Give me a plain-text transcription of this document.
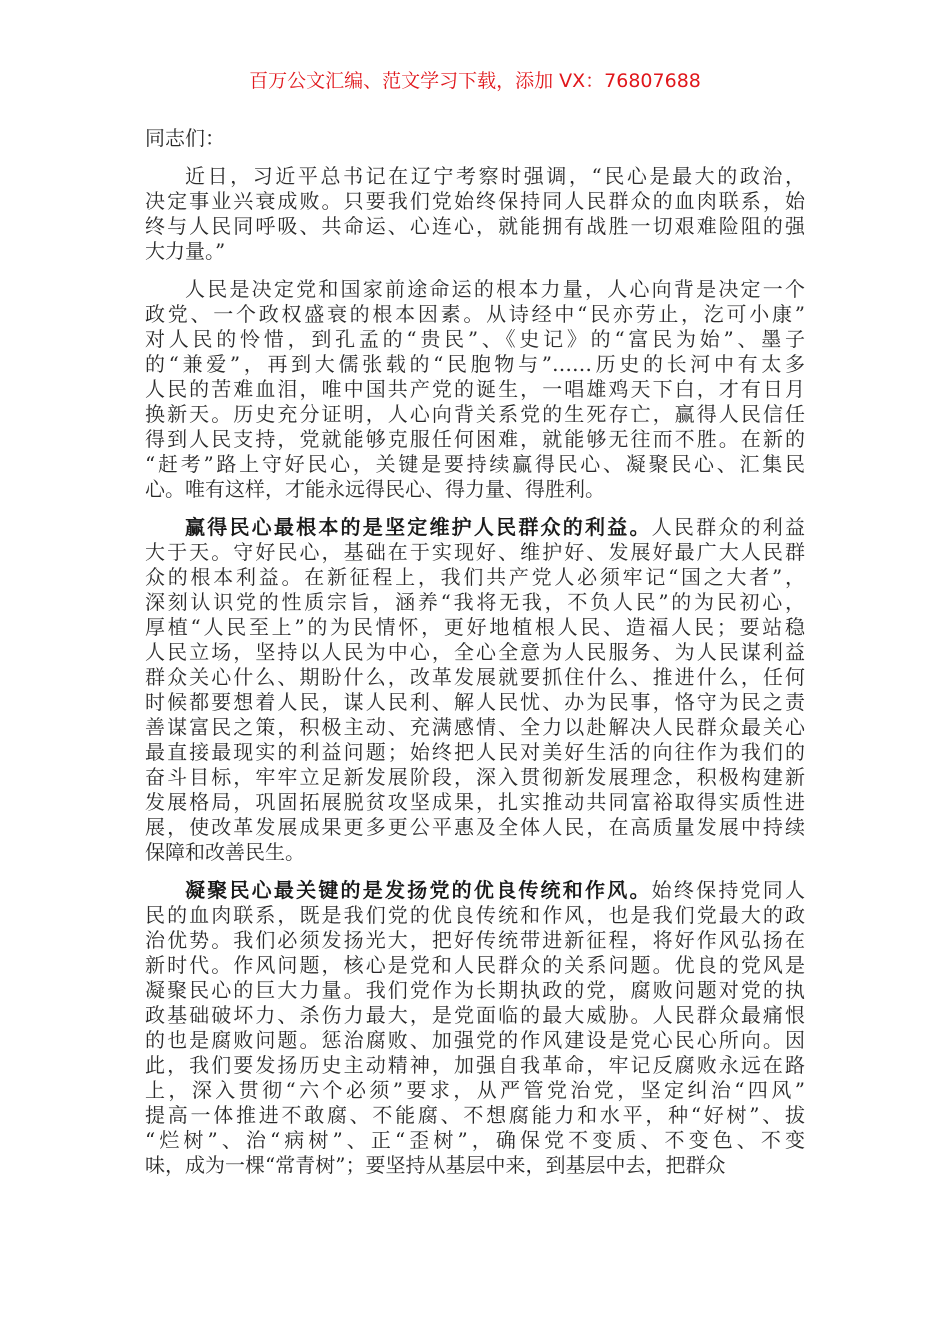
百万公文汇编、范文学习下载，添加 VX：76807688
同志们：
近日，习近平总书记在辽宁考察时强调，“民心是最大的政治，
决定事业兴衰成败。只要我们党始终保持同人民群众的血肉联系，始
终与人民同呼吸、共命运、心连心，就能拥有战胜一切艰难险阻的强
大力量。”
人民是决定党和国家前途命运的根本力量，人心向背是决定一个
政党、一个政权盛衰的根本因素。从诗经中“民亦劳止，汔可小康”
对人民的怜惜，到孔孟的“贵民”、《史记》的“富民为始”、墨子
的“兼爱”，再到大儒张载的“民胞物与”……历史的长河中有太多
人民的苦难血泪，唯中国共产党的诞生，一唱雄鸡天下白，才有日月
换新天。历史充分证明，人心向背关系党的生死存亡，赢得人民信任
得到人民支持，党就能够克服任何困难，就能够无往而不胜。在新的
“赶考”路上守好民心，关键是要持续赢得民心、凝聚民心、汇集民
心。唯有这样，才能永远得民心、得力量、得胜利。
赢得民心最根本的是坚定维护人民群众的利益。人民群众的利益
大于天。守好民心，基础在于实现好、维护好、发展好最广大人民群
众的根本利益。在新征程上，我们共产党人必须牢记“国之大者”，
深刻认识党的性质宗旨，涵养“我将无我，不负人民”的为民初心，
厚植“人民至上”的为民情怀，更好地植根人民、造福人民；要站稳
人民立场，坚持以人民为中心，全心全意为人民服务、为人民谋利益
群众关心什么、期盼什么，改革发展就要抓住什么、推进什么，任何
时候都要想着人民，谋人民利、解人民忧、办为民事，恪守为民之责
善谋富民之策，积极主动、充满感情、全力以赴解决人民群众最关心
最直接最现实的利益问题；始终把人民对美好生活的向往作为我们的
奋斗目标，牢牢立足新发展阶段，深入贯彻新发展理念，积极构建新
发展格局，巩固拓展脱贫攻坚成果，扎实推动共同富裕取得实质性进
展，使改革发展成果更多更公平惠及全体人民，在高质量发展中持续
保障和改善民生。
凝聚民心最关键的是发扬党的优良传统和作风。始终保持党同人
民的血肉联系，既是我们党的优良传统和作风，也是我们党最大的政
治优势。我们必须发扬光大，把好传统带进新征程，将好作风弘扬在
新时代。作风问题，核心是党和人民群众的关系问题。优良的党风是
凝聚民心的巨大力量。我们党作为长期执政的党，腐败问题对党的执
政基础破坏力、杀伤力最大，是党面临的最大威胁。人民群众最痛恨
的也是腐败问题。惩治腐败、加强党的作风建设是党心民心所向。因
此，我们要发扬历史主动精神，加强自我革命，牢记反腐败永远在路
上，深入贯彻“六个必须”要求，从严管党治党，坚定纠治“四风”
提高一体推进不敢腐、不能腐、不想腐能力和水平，种“好树”、拔
“烂树”、治“病树”、正“歪树”，确保党不变质、不变色、不变
味，成为一棵“常青树”；要坚持从基层中来，到基层中去，把群众
